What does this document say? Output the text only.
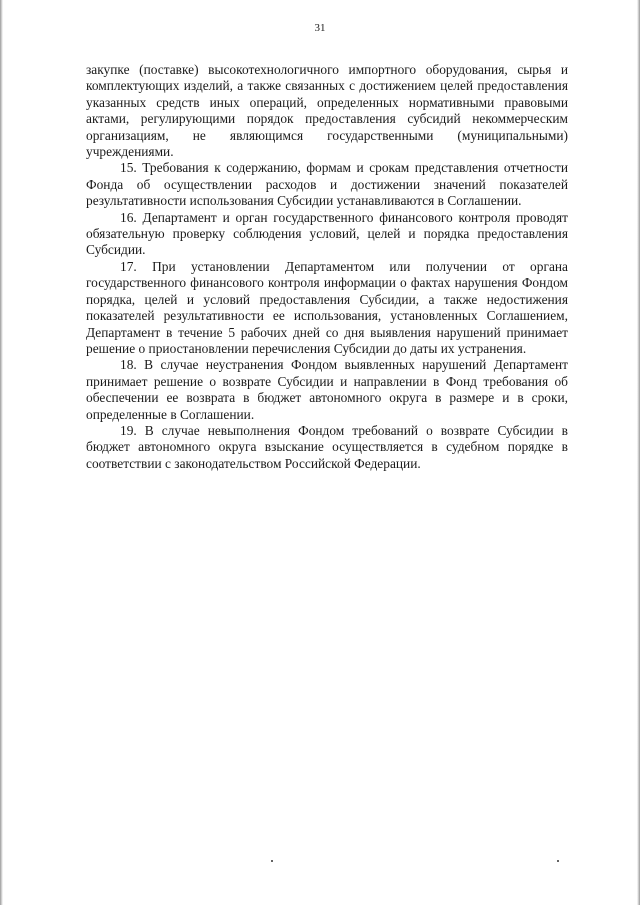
31

закупке (поставке) высокотехнологичного импортного оборудования, сырья и комплектующих изделий, а также связанных с достижением целей предоставления указанных средств иных операций, определенных нормативными правовыми актами, регулирующими порядок предоставления субсидий некоммерческим организациям, не являющимся государственными (муниципальными) учреждениями.

15. Требования к содержанию, формам и срокам представления отчетности Фонда об осуществлении расходов и достижении значений показателей результативности использования Субсидии устанавливаются в Соглашении.

16. Департамент и орган государственного финансового контроля проводят обязательную проверку соблюдения условий, целей и порядка предоставления Субсидии.

17. При установлении Департаментом или получении от органа государственного финансового контроля информации о фактах нарушения Фондом порядка, целей и условий предоставления Субсидии, а также недостижения показателей результативности ее использования, установленных Соглашением, Департамент в течение 5 рабочих дней со дня выявления нарушений принимает решение о приостановлении перечисления Субсидии до даты их устранения.

18. В случае неустранения Фондом выявленных нарушений Департамент принимает решение о возврате Субсидии и направлении в Фонд требования об обеспечении ее возврата в бюджет автономного округа в размере и в сроки, определенные в Соглашении.

19. В случае невыполнения Фондом требований о возврате Субсидии в бюджет автономного округа взыскание осуществляется в судебном порядке в соответствии с законодательством Российской Федерации.
